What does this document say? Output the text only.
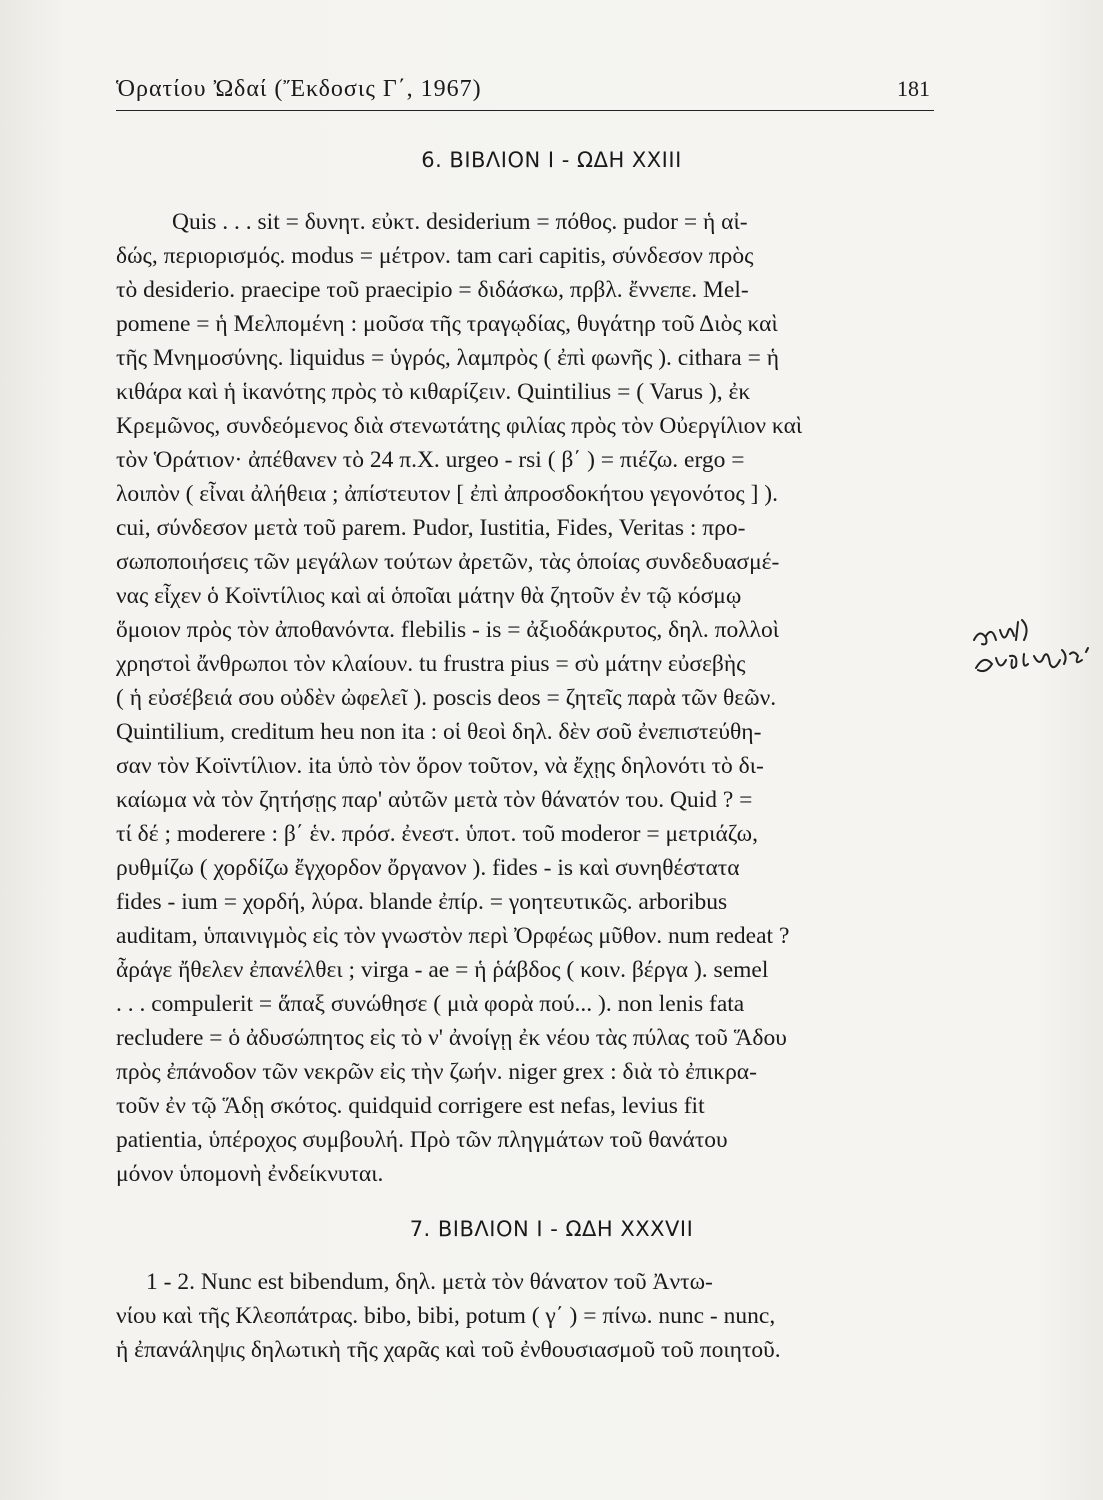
Ὁρατίου Ὠδαί (Ἔκδοσις Γ΄, 1967)	181
6. ΒΙΒΛΙΟΝ Ι - ΩΔΗ XXIII
Quis . . . sit = δυνητ. εὐκτ. desiderium = πόθος. pudor = ἡ αἰ-
δώς, περιορισμός. modus = μέτρον. tam cari capitis, σύνδεσον πρὸς
τὸ desiderio. praecipe τοῦ praecipio = διδάσκω, πρβλ. ἔννεπε. Mel-
pomene = ἡ Μελπομένη : μοῦσα τῆς τραγῳδίας, θυγάτηρ τοῦ Διὸς καὶ
τῆς Μνημοσύνης. liquidus = ὑγρός, λαμπρὸς ( ἐπὶ φωνῆς ). cithara = ἡ
κιθάρα καὶ ἡ ἱκανότης πρὸς τὸ κιθαρίζειν. Quintilius = ( Varus ), ἐκ
Κρεμῶνος, συνδεόμενος διὰ στενωτάτης φιλίας πρὸς τὸν Οὐεργίλιον καὶ
τὸν Ὁράτιον· ἀπέθανεν τὸ 24 π.Χ. urgeo - rsi ( β΄ ) = πιέζω. ergo =
λοιπὸν ( εἶναι ἀλήθεια ; ἀπίστευτον [ ἐπὶ ἀπροσδοκήτου γεγονότος ] ).
cui, σύνδεσον μετὰ τοῦ parem. Pudor, Iustitia, Fides, Veritas : προ-
σωποποιήσεις τῶν μεγάλων τούτων ἀρετῶν, τὰς ὁποίας συνδεδυασμέ-
νας εἶχεν ὁ Κοϊντίλιος καὶ αἱ ὁποῖαι μάτην θὰ ζητοῦν ἐν τῷ κόσμῳ
ὅμοιον πρὸς τὸν ἀποθανόντα. flebilis - is = ἀξιοδάκρυτος, δηλ. πολλοὶ
χρηστοὶ ἄνθρωποι τὸν κλαίουν. tu frustra pius = σὺ μάτην εὐσεβὴς
( ἡ εὐσέβειά σου οὐδὲν ὠφελεῖ ). poscis deos = ζητεῖς παρὰ τῶν θεῶν.
Quintilium, creditum heu non ita : οἱ θεοὶ δηλ. δὲν σοῦ ἐνεπιστεύθη-
σαν τὸν Κοϊντίλιον. ita ὑπὸ τὸν ὅρον τοῦτον, νὰ ἔχῃς δηλονότι τὸ δι-
καίωμα νὰ τὸν ζητήσῃς παρ' αὐτῶν μετὰ τὸν θάνατόν του. Quid ? =
τί δέ ; moderere : β΄ ἑν. πρόσ. ἐνεστ. ὑποτ. τοῦ moderor = μετριάζω,
ρυθμίζω ( χορδίζω ἔγχορδον ὄργανον ). fides - is καὶ συνηθέστατα
fides - ium = χορδή, λύρα. blande ἐπίρ. = γοητευτικῶς. arboribus
auditam, ὑπαινιγμὸς εἰς τὸν γνωστὸν περὶ Ὀρφέως μῦθον. num redeat ?
ἆράγε ἤθελεν ἐπανέλθει ; virga - ae = ἡ ῥάβδος ( κοιν. βέργα ). semel
. . . compulerit = ἅπαξ συνώθησε ( μιὰ φορὰ πού... ). non lenis fata
recludere = ὁ ἀδυσώπητος εἰς τὸ ν' ἀνοίγῃ ἐκ νέου τὰς πύλας τοῦ Ἅδου
πρὸς ἐπάνοδον τῶν νεκρῶν εἰς τὴν ζωήν. niger grex : διὰ τὸ ἐπικρα-
τοῦν ἐν τῷ Ἅδῃ σκότος. quidquid corrigere est nefas, levius fit
patientia, ὑπέροχος συμβουλή. Πρὸ τῶν πληγμάτων τοῦ θανάτου
μόνον ὑπομονὴ ἐνδείκνυται.
7. ΒΙΒΛΙΟΝ Ι - ΩΔΗ XXXVII
1 - 2. Nunc est bibendum, δηλ. μετὰ τὸν θάνατον τοῦ Ἀντω-
νίου καὶ τῆς Κλεοπάτρας. bibo, bibi, potum ( γ΄ ) = πίνω. nunc - nunc,
ἡ ἐπανάληψις δηλωτικὴ τῆς χαρᾶς καὶ τοῦ ἐνθουσιασμοῦ τοῦ ποιητοῦ.
